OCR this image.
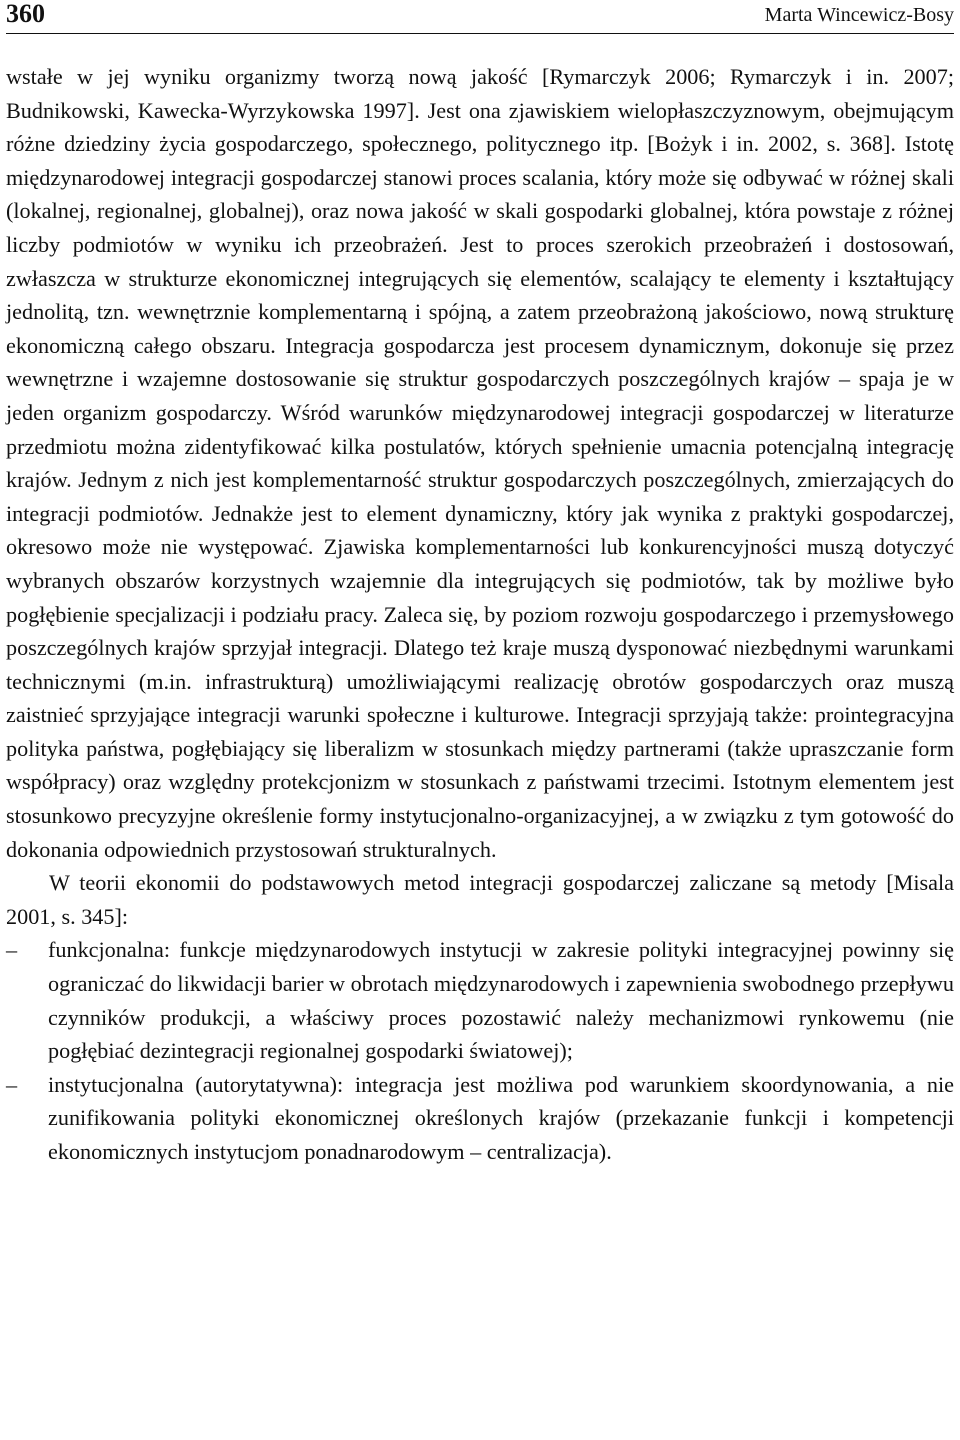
360	Marta Wincewicz-Bosy

wstałe w jej wyniku organizmy tworzą nową jakość [Rymarczyk 2006; Rymarczyk i in. 2007; Budnikowski, Kawecka-Wyrzykowska 1997]. Jest ona zjawiskiem wielopłaszczyznowym, obejmującym różne dziedziny życia gospodarczego, społecznego, politycznego itp. [Bożyk i in. 2002, s. 368]. Istotę międzynarodowej integracji gospodarczej stanowi proces scalania, który może się odbywać w różnej skali (lokalnej, regionalnej, globalnej), oraz nowa jakość w skali gospodarki globalnej, która powstaje z różnej liczby podmiotów w wyniku ich przeobrażeń. Jest to proces szerokich przeobrażeń i dostosowań, zwłaszcza w strukturze ekonomicznej integrujących się elementów, scalający te elementy i kształtujący jednolitą, tzn. wewnętrznie komplementarną i spójną, a zatem przeobrażoną jakościowo, nową strukturę ekonomiczną całego obszaru. Integracja gospodarcza jest procesem dynamicznym, dokonuje się przez wewnętrzne i wzajemne dostosowanie się struktur gospodarczych poszczególnych krajów – spaja je w jeden organizm gospodarczy. Wśród warunków międzynarodowej integracji gospodarczej w literaturze przedmiotu można zidentyfikować kilka postulatów, których spełnienie umacnia potencjalną integrację krajów. Jednym z nich jest komplementarność struktur gospodarczych poszczególnych, zmierzających do integracji podmiotów. Jednakże jest to element dynamiczny, który jak wynika z praktyki gospodarczej, okresowo może nie występować. Zjawiska komplementarności lub konkurencyjności muszą dotyczyć wybranych obszarów korzystnych wzajemnie dla integrujących się podmiotów, tak by możliwe było pogłębienie specjalizacji i podziału pracy. Zaleca się, by poziom rozwoju gospodarczego i przemysłowego poszczególnych krajów sprzyjał integracji. Dlatego też kraje muszą dysponować niezbędnymi warunkami technicznymi (m.in. infrastrukturą) umożliwiającymi realizację obrotów gospodarczych oraz muszą zaistnieć sprzyjające integracji warunki społeczne i kulturowe. Integracji sprzyjają także: prointegracyjna polityka państwa, pogłębiający się liberalizm w stosunkach między partnerami (także upraszczanie form współpracy) oraz względny protekcjonizm w stosunkach z państwami trzecimi. Istotnym elementem jest stosunkowo precyzyjne określenie formy instytucjonalno-organizacyjnej, a w związku z tym gotowość do dokonania odpowiednich przystosowań strukturalnych.

W teorii ekonomii do podstawowych metod integracji gospodarczej zaliczane są metody [Misala 2001, s. 345]:

–	funkcjonalna: funkcje międzynarodowych instytucji w zakresie polityki integracyjnej powinny się ograniczać do likwidacji barier w obrotach międzynarodowych i zapewnienia swobodnego przepływu czynników produkcji, a właściwy proces pozostawić należy mechanizmowi rynkowemu (nie pogłębiać dezintegracji regionalnej gospodarki światowej);
–	instytucjonalna (autorytatywna): integracja jest możliwa pod warunkiem skoordynowania, a nie zunifikowania polityki ekonomicznej określonych krajów (przekazanie funkcji i kompetencji ekonomicznych instytucjom ponadnarodowym – centralizacja).
